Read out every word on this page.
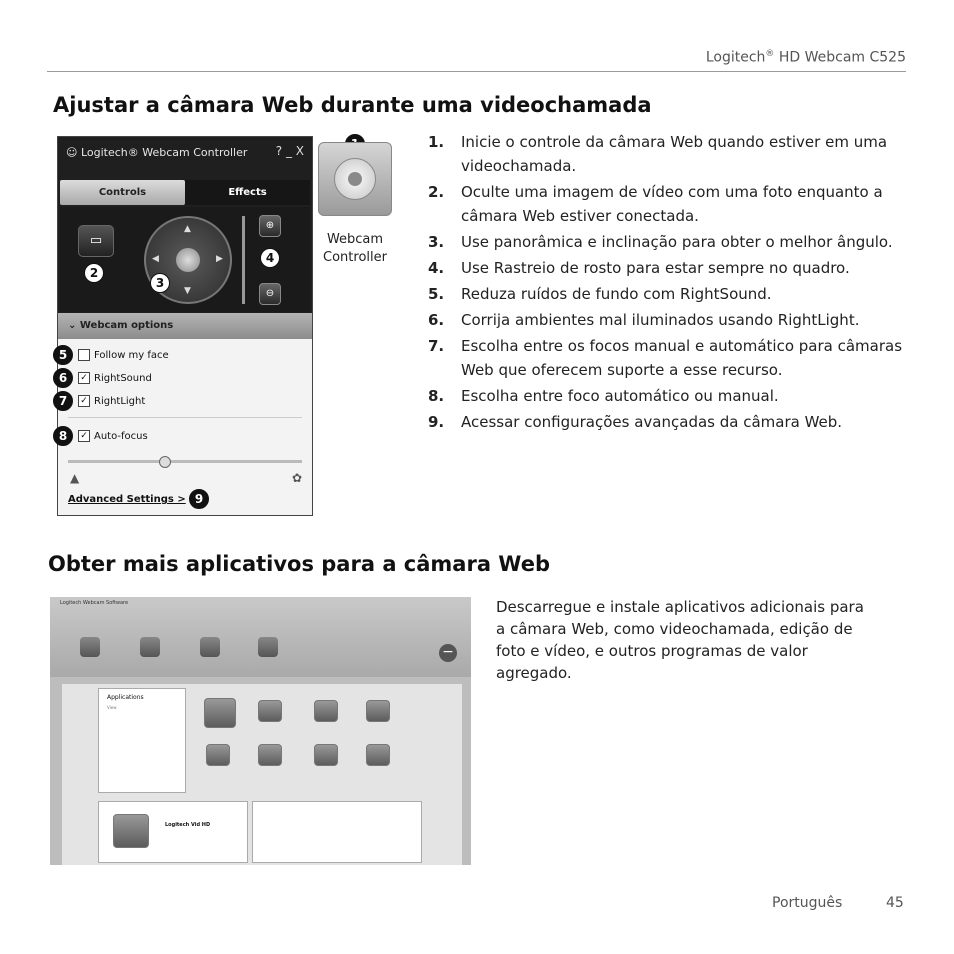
Logitech® HD Webcam C525
Ajustar a câmara Web durante uma videochamada
☺ Logitech® Webcam Controller ? _ X
Controls	Effects
▭
2
▲
▼
◀	▶
3
⊕
4
⊖
⌄ Webcam options
Follow my face
✓ RightSound
✓ RightLight
✓ Auto-focus
▲	✿
Advanced Settings >
5
6
7
8
9
Webcam
Controller
1. Inicie o controle da câmara Web quando estiver em uma videochamada.
2. Oculte uma imagem de vídeo com uma foto enquanto a câmara Web estiver conectada.
3. Use panorâmica e inclinação para obter o melhor ângulo.
4. Use Rastreio de rosto para estar sempre no quadro.
5. Reduza ruídos de fundo com RightSound.
6. Corrija ambientes mal iluminados usando RightLight.
7. Escolha entre os focos manual e automático para câmaras Web que oferecem suporte a esse recurso.
8. Escolha entre foco automático ou manual.
9. Acessar configurações avançadas da câmara Web.
Obter mais aplicativos para a câmara Web
Logitech Webcam Software
−
Applications
View
Logitech Vid HD

Descarregue e instale aplicativos adicionais para a câmara Web, como videochamada, edição de foto e vídeo, e outros programas de valor agregado.

Português	45
